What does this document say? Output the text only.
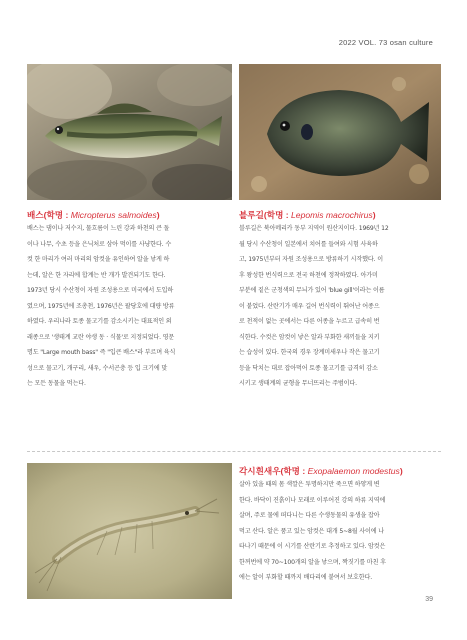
2022 VOL. 73 osan culture
배스(학명 : Micropterus salmoides)	블루길(학명 : Lepomis macrochirus)
배스는 댐이나 저수지, 물흐름이 느린 강과 하천의 큰 돌
이나 나무, 수초 등을 은닉처로 삼아 먹이를 사냥한다. 수
컷 한 마리가 여러 마리의 암컷을 유인하여 알을 낳게 하
는데, 알은 한 자리에 합계는 반 개가 발견되기도 한다.
1973년 당시 수산청이 자원 조성용으로 미국에서 도입하
였으며, 1975년에 조총천, 1976년은 팔당호에 대량 방류
하였다. 우리나라 토종 물고기를 감소시키는 대표적인 외
래종으로 '생태계 교란 야생 동 · 식물'로 지정되었다. 영문
명도 "Large mouth bass" 즉 "입큰 배스"라 부르며 육식
성으로 물고기, 개구리, 새우, 수서곤충 등 입 크기에 맞
는 모든 동물을 먹는다.
블루길은 북아메리카 동부 지역이 원산지이다. 1969년 12
월 당시 수산청이 일본에서 치어를 들여와 시험 사육하
고, 1975년부터 자원 조성용으로 방류하기 시작했다. 이
후 왕성한 번식력으로 전국 하천에 정착하였다. 아가미
부분에 짙은 군청색의 무늬가 있어 'blue gill'이라는 이름
이 붙었다. 산란기가 매우 길어 번식력이 뛰어난 어종으
로 천적이 없는 곳에서는 다른 어종을 누르고 급속히 번
식한다. 수컷은 암컷이 낳은 알과 부화한 새끼들을 지키
는 습성이 있다. 한국의 경우 장계미새우나 작은 물고기
등을 닥치는 대로 잡아먹어 토종 물고기를 급격히 감소
시키고 생태계의 균형을 무너뜨리는 주범이다.
각시흰새우(학명 : Exopalaemon modestus)
살아 있을 때의 몸 색깔은 투명하지만 죽으면 하얗게 변
한다. 바닥이 진흙이나 모래로 이루어진 강의 하류 지역에
살며, 주로 물에 떠다니는 다른 수생동물의 유생을 잡아
먹고 산다. 알은 품고 있는 암컷은 대개 5~8월 사이에 나
타나기 때문에 이 시기를 산란기로 추정하고 있다. 암컷은
한꺼번에 약 70~100개의 알을 낳으며, 짝짓기를 마친 후
에는 알이 부화할 때까지 배다리에 붙여서 보호한다.
39
